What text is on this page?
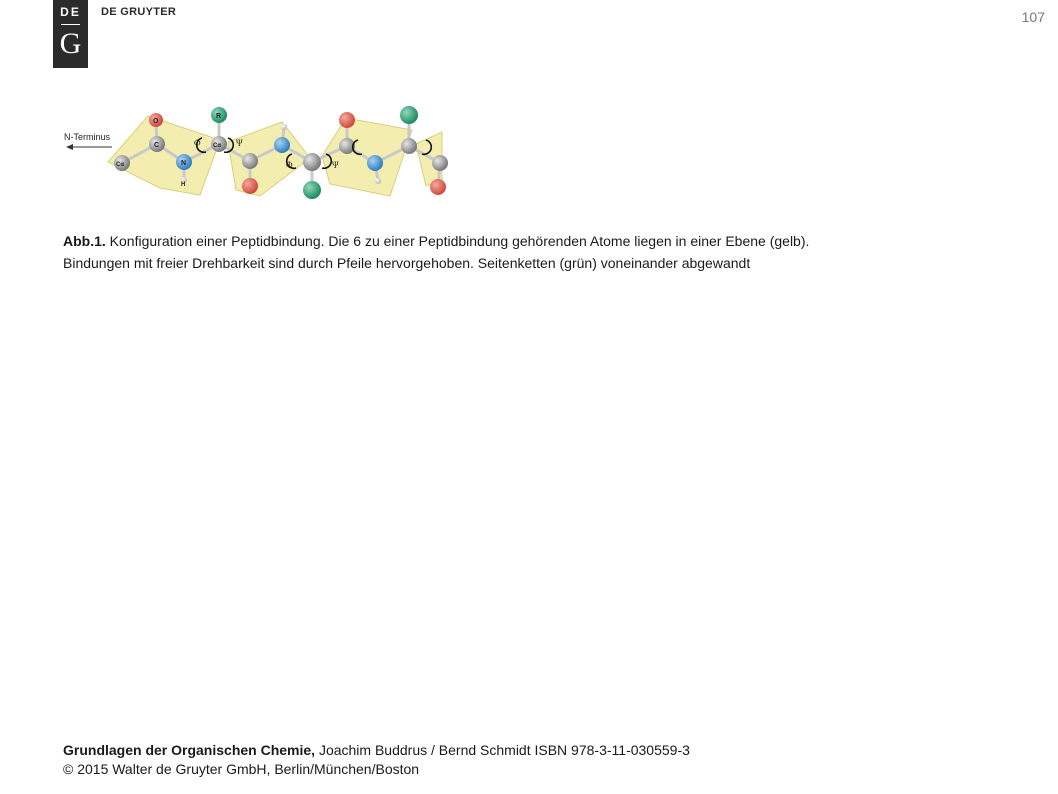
DE
G
DE GRUYTER	107
N-Terminus
O
C
N
H
R
Cα
Cα
Φ	Ψ
Φ	Ψ
Abb.1. Konfiguration einer Peptidbindung. Die 6 zu einer Peptidbindung gehörenden Atome liegen in einer Ebene (gelb).
Bindungen mit freier Drehbarkeit sind durch Pfeile hervorgehoben. Seitenketten (grün) voneinander abgewandt
Grundlagen der Organischen Chemie, Joachim Buddrus / Bernd Schmidt ISBN 978-3-11-030559-3
© 2015 Walter de Gruyter GmbH, Berlin/München/Boston
